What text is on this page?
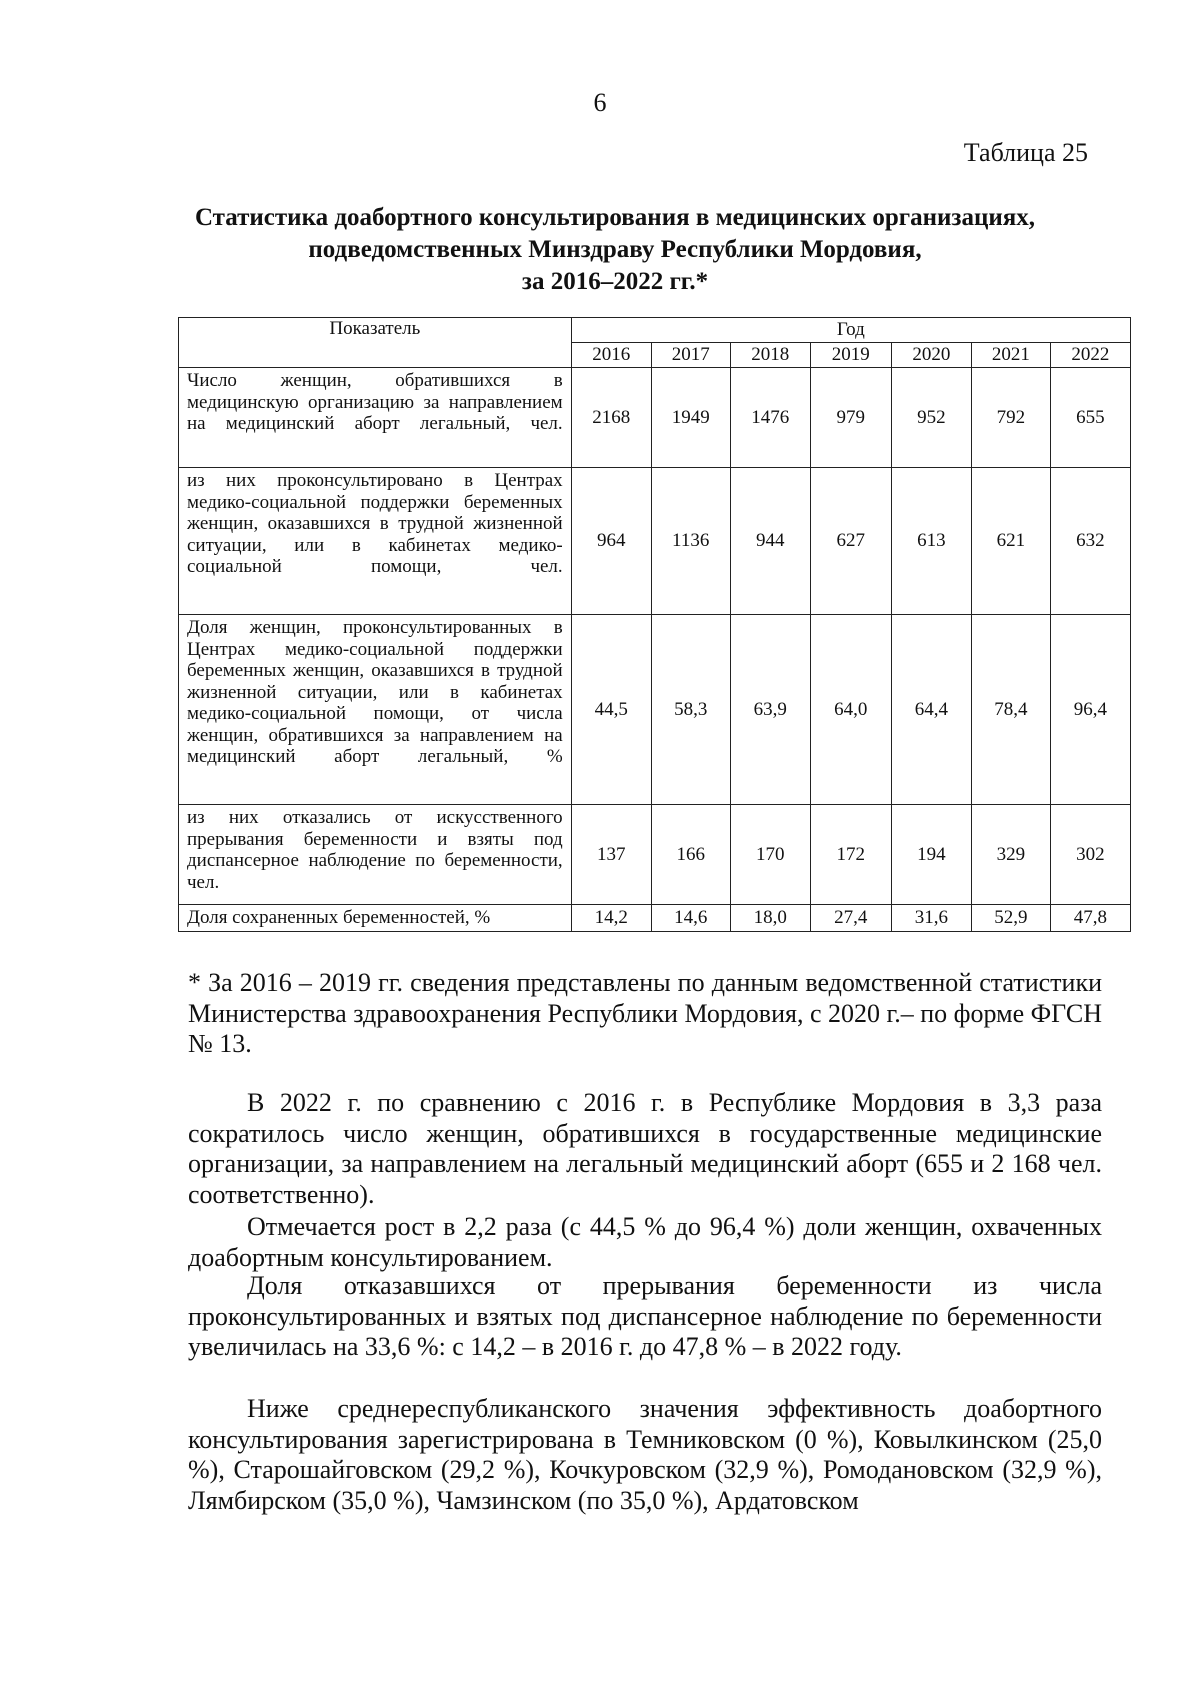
6
Таблица 25
Статистика доабортного консультирования в медицинских организациях,
подведомственных Минздраву Республики Мордовия,
за 2016–2022 гг.*
Показатель	Год						
	2016	2017	2018	2019	2020	2021	2022
Число женщин, обратившихся в медицинскую организацию за направлением на медицинский аборт легальный, чел.	2168	1949	1476	979	952	792	655
из них проконсультировано в Центрах медико-социальной поддержки беременных женщин, оказавшихся в трудной жизненной ситуации, или в кабинетах медико-социальной помощи, чел.	964	1136	944	627	613	621	632
Доля женщин, проконсультированных в Центрах медико-социальной поддержки беременных женщин, оказавшихся в трудной жизненной ситуации, или в кабинетах медико-социальной помощи, от числа женщин, обратившихся за направлением на медицинский аборт легальный, %	44,5	58,3	63,9	64,0	64,4	78,4	96,4
из них отказались от искусственного прерывания беременности и взяты под диспансерное наблюдение по беременности, чел.	137	166	170	172	194	329	302
Доля сохраненных беременностей, %	14,2	14,6	18,0	27,4	31,6	52,9	47,8
* За 2016 – 2019 гг. сведения представлены по данным ведомственной статистики Министерства здравоохранения Республики Мордовия, с 2020 г.– по форме ФГСН № 13.
В 2022 г. по сравнению с 2016 г. в Республике Мордовия в 3,3 раза сократилось число женщин, обратившихся в государственные медицинские организации, за направлением на легальный медицинский аборт (655 и 2 168 чел. соответственно).
Отмечается рост в 2,2 раза (с 44,5 % до 96,4 %) доли женщин, охваченных доабортным консультированием.
Доля отказавшихся от прерывания беременности из числа проконсультированных и взятых под диспансерное наблюдение по беременности увеличилась на 33,6 %: с 14,2 – в 2016 г. до 47,8 % – в 2022 году.
Ниже среднереспубликанского значения эффективность доабортного консультирования зарегистрирована в Темниковском (0 %), Ковылкинском (25,0 %), Старошайговском (29,2 %), Кочкуровском (32,9 %), Ромодановском (32,9 %), Лямбирском (35,0 %), Чамзинском (по 35,0 %), Ардатовском
